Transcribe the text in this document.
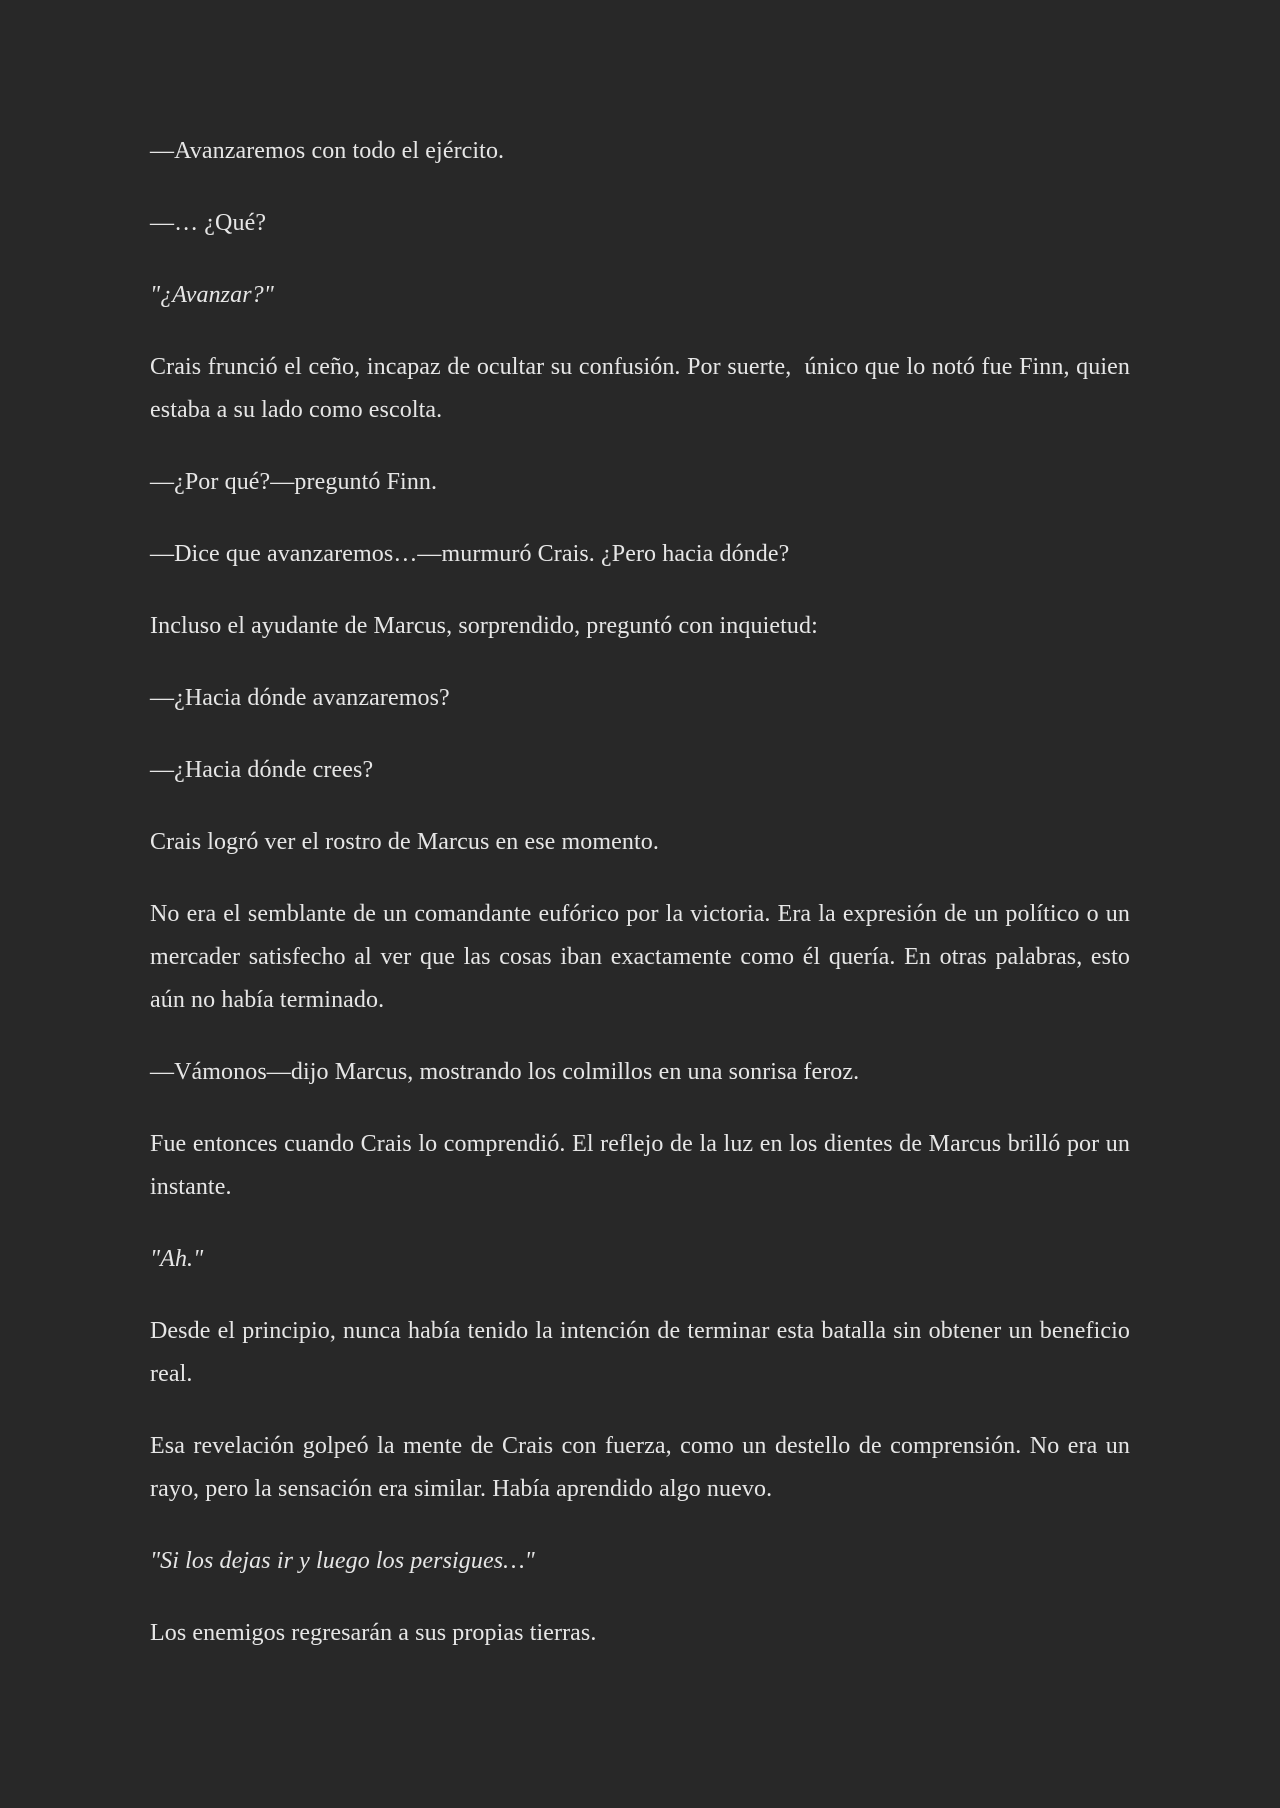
—Avanzaremos con todo el ejército.

—… ¿Qué?

"¿Avanzar?"

Crais frunció el ceño, incapaz de ocultar su confusión. Por suerte,  único que lo notó fue Finn, quien estaba a su lado como escolta.

—¿Por qué?—preguntó Finn.

—Dice que avanzaremos…—murmuró Crais. ¿Pero hacia dónde?

Incluso el ayudante de Marcus, sorprendido, preguntó con inquietud:

—¿Hacia dónde avanzaremos?

—¿Hacia dónde crees?

Crais logró ver el rostro de Marcus en ese momento.

No era el semblante de un comandante eufórico por la victoria. Era la expresión de un político o un mercader satisfecho al ver que las cosas iban exactamente como él quería. En otras palabras, esto aún no había terminado.

—Vámonos—dijo Marcus, mostrando los colmillos en una sonrisa feroz.

Fue entonces cuando Crais lo comprendió. El reflejo de la luz en los dientes de Marcus brilló por un instante.

"Ah."

Desde el principio, nunca había tenido la intención de terminar esta batalla sin obtener un beneficio real.

Esa revelación golpeó la mente de Crais con fuerza, como un destello de comprensión. No era un rayo, pero la sensación era similar. Había aprendido algo nuevo.

"Si los dejas ir y luego los persigues…"

Los enemigos regresarán a sus propias tierras.
